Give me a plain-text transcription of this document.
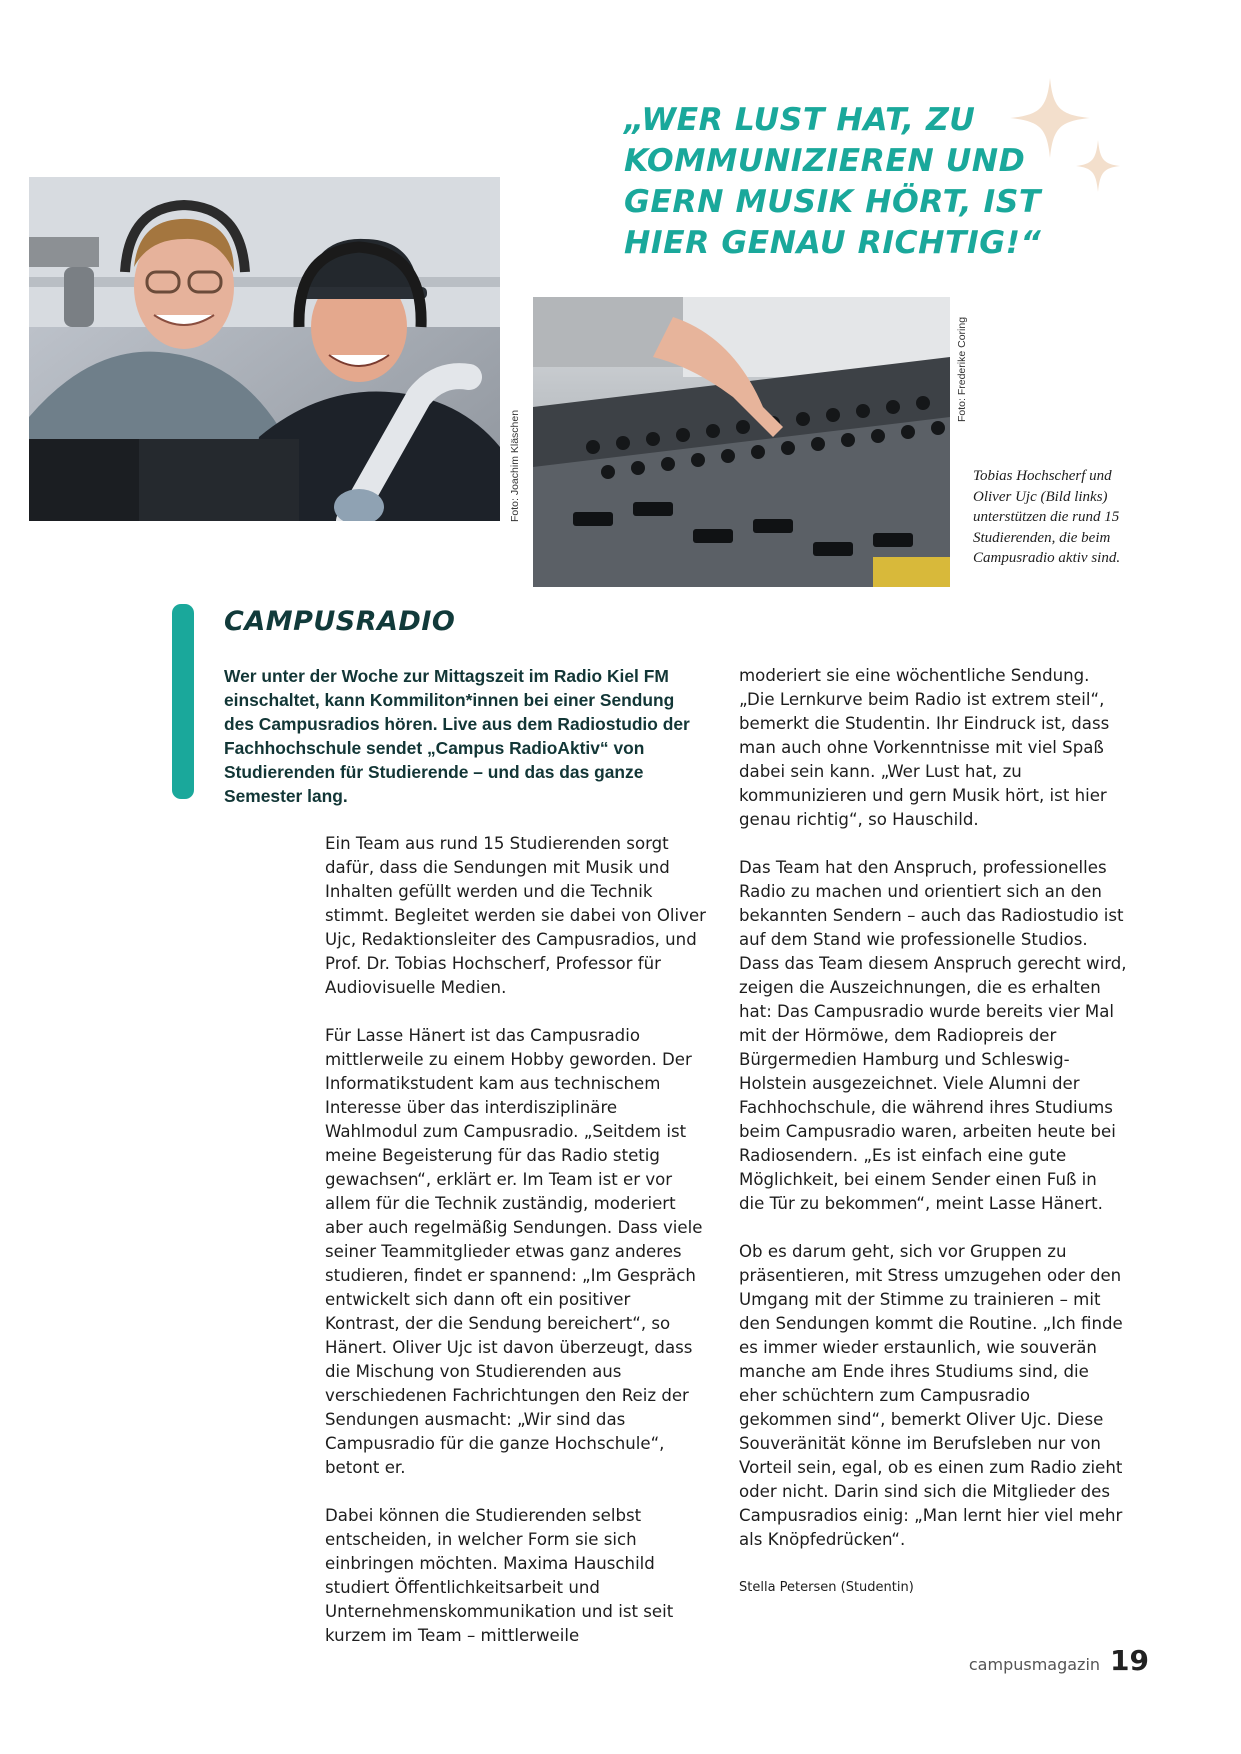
„WER LUST HAT, ZU KOMMUNIZIEREN UND GERN MUSIK HÖRT, IST HIER GENAU RICHTIG!“

Foto: Joachim Kläschen
Foto: Frederike Coring
Tobias Hochscherf und Oliver Ujc (Bild links) unterstützen die rund 15 Studierenden, die beim Campusradio aktiv sind.
CAMPUSRADIO

Wer unter der Woche zur Mittagszeit im Radio Kiel FM einschaltet, kann Kommiliton*innen bei einer Sendung des Campusradios hören. Live aus dem Radiostudio der Fachhochschule sendet „Campus RadioAktiv“ von Studierenden für Studierende – und das das ganze Semester lang.

Ein Team aus rund 15 Studierenden sorgt dafür, dass die Sendungen mit Musik und Inhalten gefüllt werden und die Technik stimmt. Begleitet werden sie dabei von Oliver Ujc, Redaktionsleiter des Campusradios, und Prof. Dr. Tobias Hochscherf, Professor für Audiovisuelle Medien.

Für Lasse Hänert ist das Campusradio mittlerweile zu einem Hobby geworden. Der Informatikstudent kam aus technischem Interesse über das interdisziplinäre Wahlmodul zum Campusradio. „Seitdem ist meine Begeisterung für das Radio stetig gewachsen“, erklärt er. Im Team ist er vor allem für die Technik zuständig, moderiert aber auch regelmäßig Sendungen. Dass viele seiner Teammitglieder etwas ganz anderes studieren, findet er spannend: „Im Gespräch entwickelt sich dann oft ein positiver Kontrast, der die Sendung bereichert“, so Hänert. Oliver Ujc ist davon überzeugt, dass die Mischung von Studierenden aus verschiedenen Fachrichtungen den Reiz der Sendungen ausmacht: „Wir sind das Campusradio für die ganze Hochschule“, betont er.

Dabei können die Studierenden selbst entscheiden, in welcher Form sie sich einbringen möchten. Maxima Hauschild studiert Öffentlichkeitsarbeit und Unternehmenskommunikation und ist seit kurzem im Team – mittlerweile

moderiert sie eine wöchentliche Sendung. „Die Lernkurve beim Radio ist extrem steil“, bemerkt die Studentin. Ihr Eindruck ist, dass man auch ohne Vorkenntnisse mit viel Spaß dabei sein kann. „Wer Lust hat, zu kommunizieren und gern Musik hört, ist hier genau richtig“, so Hauschild.

Das Team hat den Anspruch, professionelles Radio zu machen und orientiert sich an den bekannten Sendern – auch das Radiostudio ist auf dem Stand wie professionelle Studios. Dass das Team diesem Anspruch gerecht wird, zeigen die Auszeichnungen, die es erhalten hat: Das Campusradio wurde bereits vier Mal mit der Hörmöwe, dem Radiopreis der Bürgermedien Hamburg und Schleswig-Holstein ausgezeichnet. Viele Alumni der Fachhochschule, die während ihres Studiums beim Campusradio waren, arbeiten heute bei Radiosendern. „Es ist einfach eine gute Möglichkeit, bei einem Sender einen Fuß in die Tür zu bekommen“, meint Lasse Hänert.

Ob es darum geht, sich vor Gruppen zu präsentieren, mit Stress umzugehen oder den Umgang mit der Stimme zu trainieren – mit den Sendungen kommt die Routine. „Ich finde es immer wieder erstaunlich, wie souverän manche am Ende ihres Studiums sind, die eher schüchtern zum Campusradio gekommen sind“, bemerkt Oliver Ujc. Diese Souveränität könne im Berufsleben nur von Vorteil sein, egal, ob es einen zum Radio zieht oder nicht. Darin sind sich die Mitglieder des Campusradios einig: „Man lernt hier viel mehr als Knöpfedrücken“.

Stella Petersen (Studentin)
campusmagazin 19
